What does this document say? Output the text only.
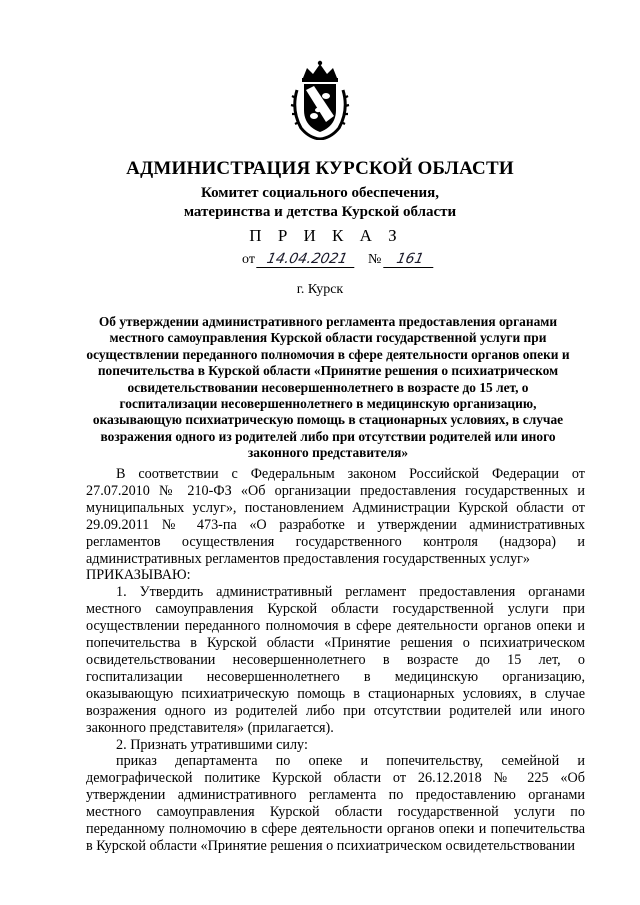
АДМИНИСТРАЦИЯ КУРСКОЙ ОБЛАСТИ
Комитет социального обеспечения,
материнства и детства Курской области
П Р И К А З
от 14.04.2021 № 161
г. Курск
Об утверждении административного регламента предоставления органами местного самоуправления Курской области государственной услуги при осуществлении переданного полномочия в сфере деятельности органов опеки и попечительства в Курской области «Принятие решения о психиатрическом освидетельствовании несовершеннолетнего в возрасте до 15 лет, о госпитализации несовершеннолетнего в медицинскую организацию, оказывающую психиатрическую помощь в стационарных условиях, в случае возражения одного из родителей либо при отсутствии родителей или иного законного представителя»

В соответствии с Федеральным законом Российской Федерации от 27.07.2010 № 210-ФЗ «Об организации предоставления государственных и муниципальных услуг», постановлением Администрации Курской области от 29.09.2011 № 473-па «О разработке и утверждении административных регламентов осуществления государственного контроля (надзора) и административных регламентов предоставления государственных услуг»

ПРИКАЗЫВАЮ:

1. Утвердить административный регламент предоставления органами местного самоуправления Курской области государственной услуги при осуществлении переданного полномочия в сфере деятельности органов опеки и попечительства в Курской области «Принятие решения о психиатрическом освидетельствовании несовершеннолетнего в возрасте до 15 лет, о госпитализации несовершеннолетнего в медицинскую организацию, оказывающую психиатрическую помощь в стационарных условиях, в случае возражения одного из родителей либо при отсутствии родителей или иного законного представителя» (прилагается).

2. Признать утратившими силу:

приказ департамента по опеке и попечительству, семейной и демографической политике Курской области от 26.12.2018 № 225 «Об утверждении административного регламента по предоставлению органами местного самоуправления Курской области государственной услуги по переданному полномочию в сфере деятельности органов опеки и попечительства в Курской области «Принятие решения о психиатрическом освидетельствовании
